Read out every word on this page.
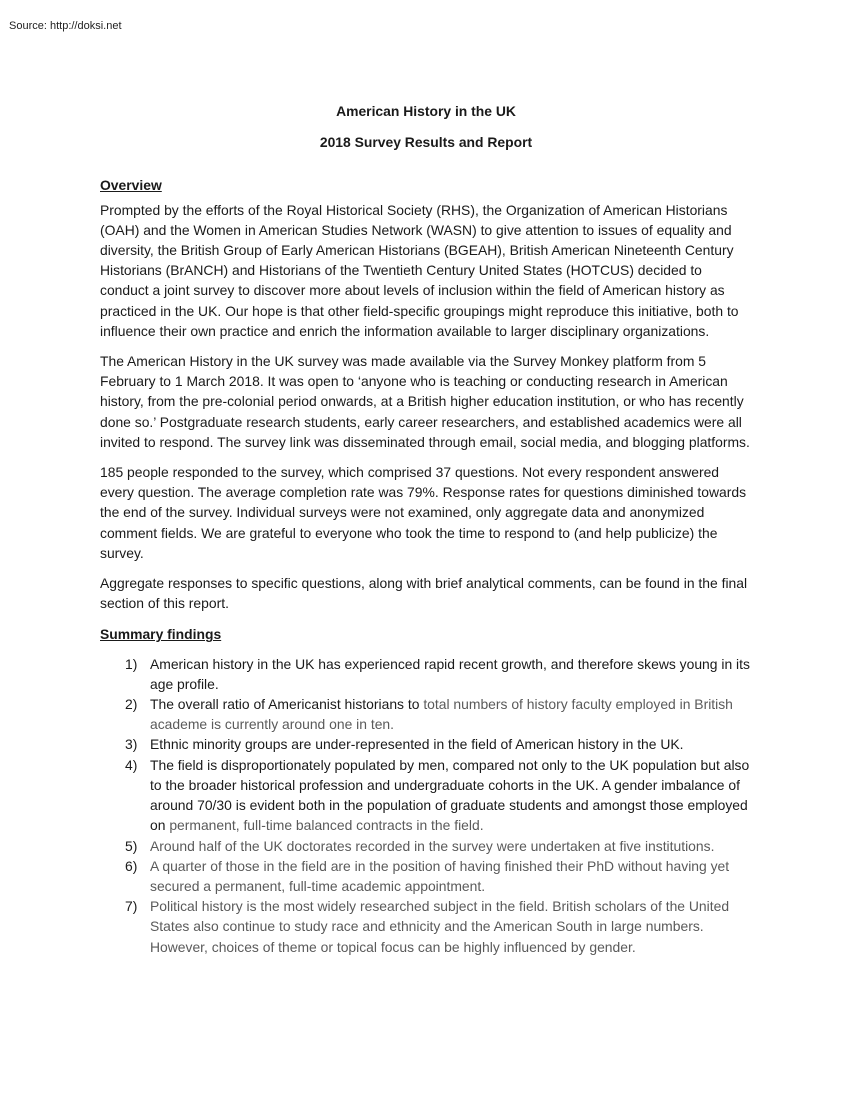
Source: http://doksi.net

American History in the UK

2018 Survey Results and Report

Overview

Prompted by the efforts of the Royal Historical Society (RHS), the Organization of American Historians (OAH) and the Women in American Studies Network (WASN) to give attention to issues of equality and diversity, the British Group of Early American Historians (BGEAH), British American Nineteenth Century Historians (BrANCH) and Historians of the Twentieth Century United States (HOTCUS) decided to conduct a joint survey to discover more about levels of inclusion within the field of American history as practiced in the UK. Our hope is that other field-specific groupings might reproduce this initiative, both to influence their own practice and enrich the information available to larger disciplinary organizations.

The American History in the UK survey was made available via the Survey Monkey platform from 5 February to 1 March 2018. It was open to ‘anyone who is teaching or conducting research in American history, from the pre-colonial period onwards, at a British higher education institution, or who has recently done so.’ Postgraduate research students, early career researchers, and established academics were all invited to respond. The survey link was disseminated through email, social media, and blogging platforms.

185 people responded to the survey, which comprised 37 questions. Not every respondent answered every question. The average completion rate was 79%. Response rates for questions diminished towards the end of the survey. Individual surveys were not examined, only aggregate data and anonymized comment fields. We are grateful to everyone who took the time to respond to (and help publicize) the survey.

Aggregate responses to specific questions, along with brief analytical comments, can be found in the final section of this report.

Summary findings

1) American history in the UK has experienced rapid recent growth, and therefore skews young in its age profile.
2) The overall ratio of Americanist historians to total numbers of history faculty employed in British academe is currently around one in ten.
3) Ethnic minority groups are under-represented in the field of American history in the UK.
4) The field is disproportionately populated by men, compared not only to the UK population but also to the broader historical profession and undergraduate cohorts in the UK. A gender imbalance of around 70/30 is evident both in the population of graduate students and amongst those employed on permanent, full-time balanced contracts in the field.
5) Around half of the UK doctorates recorded in the survey were undertaken at five institutions.
6) A quarter of those in the field are in the position of having finished their PhD without having yet secured a permanent, full-time academic appointment.
7) Political history is the most widely researched subject in the field. British scholars of the United States also continue to study race and ethnicity and the American South in large numbers. However, choices of theme or topical focus can be highly influenced by gender.
